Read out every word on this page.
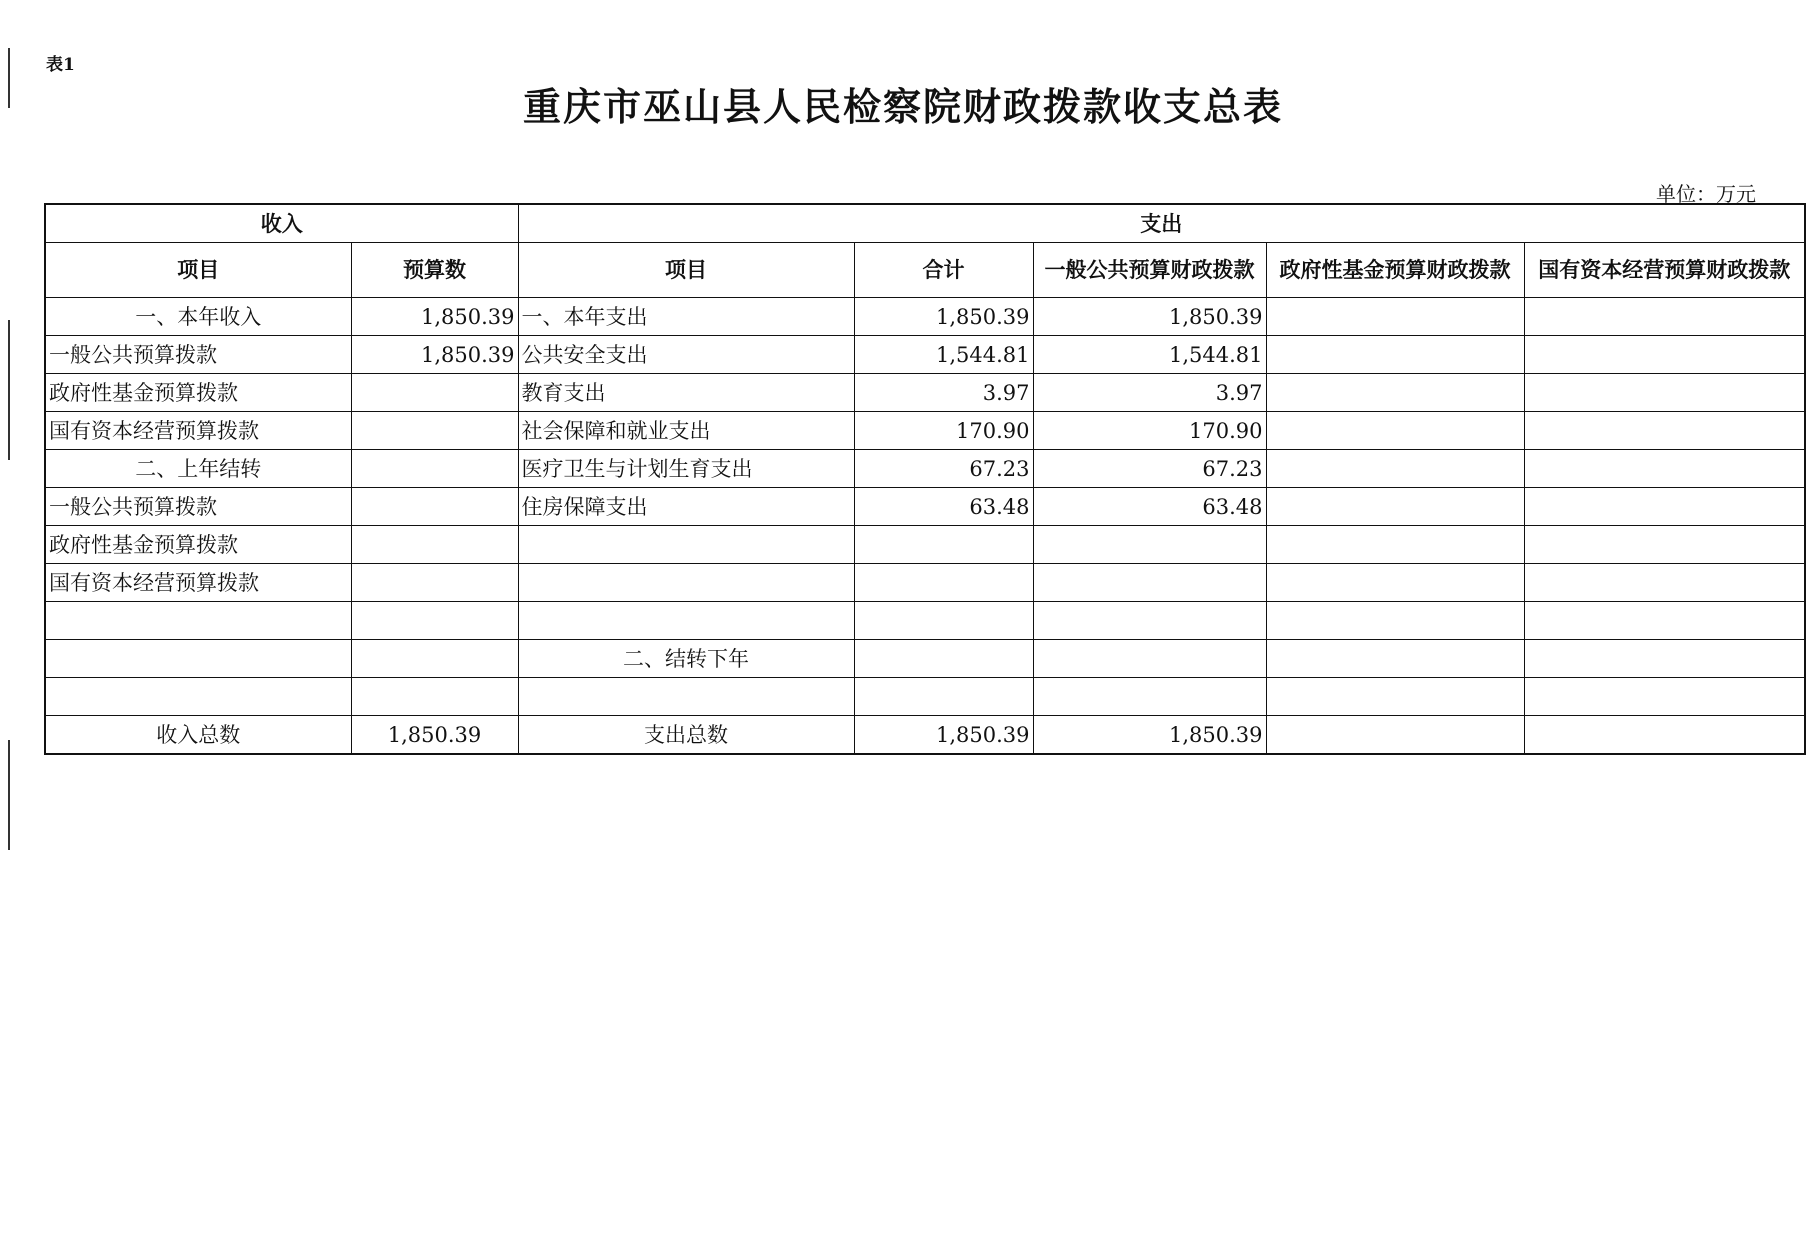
表1
重庆市巫山县人民检察院财政拨款收支总表
单位：万元
收入		支出				
项目	预算数	项目	合计	一般公共预算财政拨款	政府性基金预算财政拨款	国有资本经营预算财政拨款
一、本年收入	1,850.39	一、本年支出	1,850.39	1,850.39		
一般公共预算拨款	1,850.39	公共安全支出	1,544.81	1,544.81		
政府性基金预算拨款		教育支出	3.97	3.97		
国有资本经营预算拨款		社会保障和就业支出	170.90	170.90		
二、上年结转		医疗卫生与计划生育支出	67.23	67.23		
一般公共预算拨款		住房保障支出	63.48	63.48		
政府性基金预算拨款						
国有资本经营预算拨款						

		二、结转下年				

收入总数	1,850.39	支出总数	1,850.39	1,850.39		
